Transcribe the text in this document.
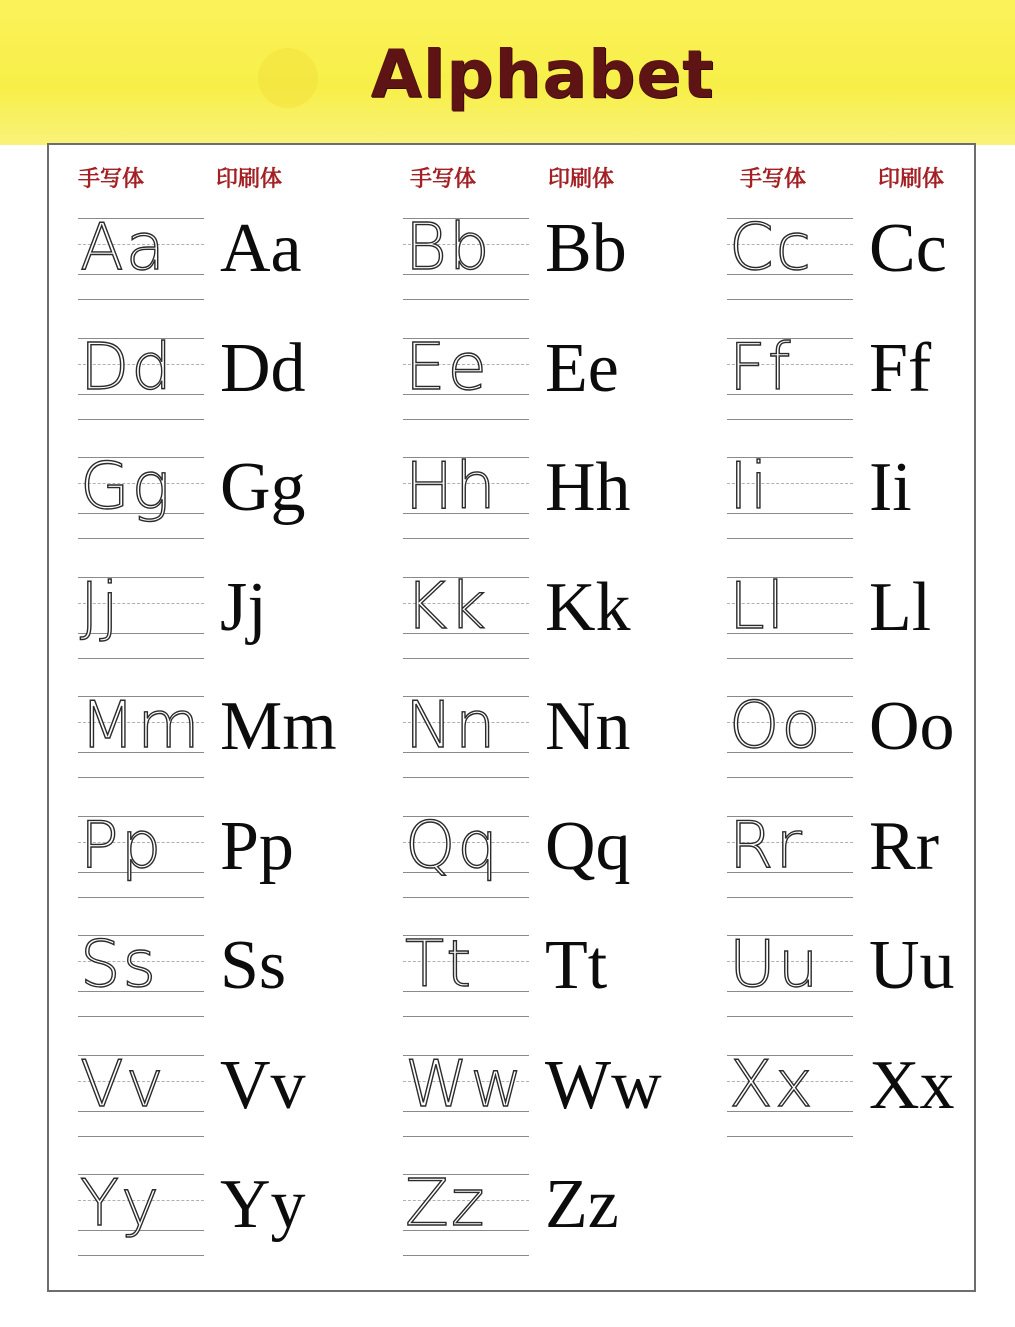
Alphabet
手写体	印刷体	手写体	印刷体	手写体	印刷体
Aa Aa Bb Bb Cc Cc
Dd Dd Ee Ee Ff	Ff
Gg Gg Hh Hh Ii	Ii
Jj	Jj Kk Kk Ll	Ll
Mm Mm Nn Nn Oo Oo
Pp Pp Qq Qq Rr Rr
Ss Ss Tt	Tt Uu Uu
Vv Vv Ww Ww Xx Xx
Yy Yy Zz Zz
